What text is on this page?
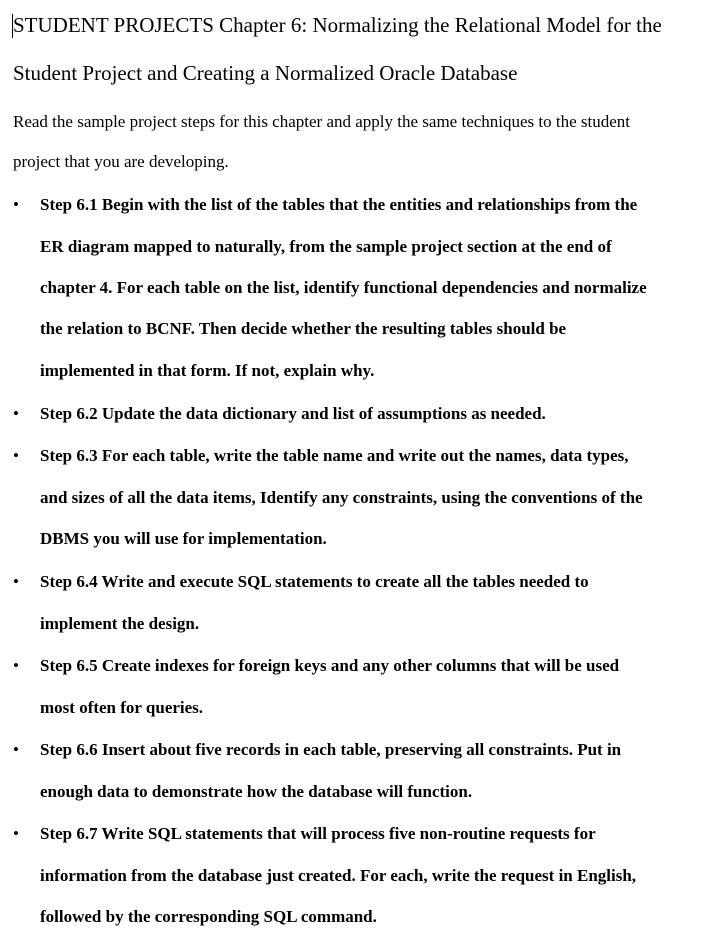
STUDENT PROJECTS Chapter 6: Normalizing the Relational Model for the
Student Project and Creating a Normalized Oracle Database
Read the sample project steps for this chapter and apply the same techniques to the student
project that you are developing.
• Step 6.1 Begin with the list of the tables that the entities and relationships from the
ER diagram mapped to naturally, from the sample project section at the end of
chapter 4. For each table on the list, identify functional dependencies and normalize
the relation to BCNF. Then decide whether the resulting tables should be
implemented in that form. If not, explain why.
• Step 6.2 Update the data dictionary and list of assumptions as needed.
• Step 6.3 For each table, write the table name and write out the names, data types,
and sizes of all the data items, Identify any constraints, using the conventions of the
DBMS you will use for implementation.
• Step 6.4 Write and execute SQL statements to create all the tables needed to
implement the design.
• Step 6.5 Create indexes for foreign keys and any other columns that will be used
most often for queries.
• Step 6.6 Insert about five records in each table, preserving all constraints. Put in
enough data to demonstrate how the database will function.
• Step 6.7 Write SQL statements that will process five non-routine requests for
information from the database just created. For each, write the request in English,
followed by the corresponding SQL command.
